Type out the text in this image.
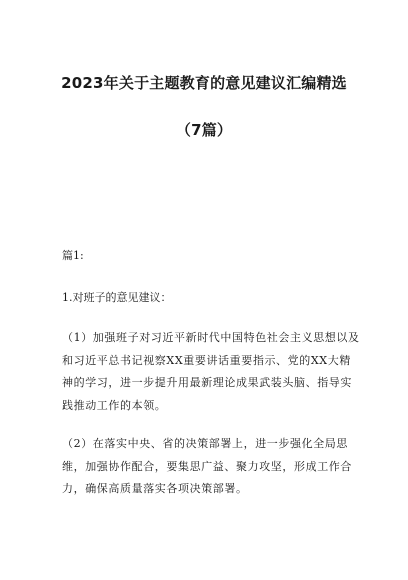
2023年关于主题教育的意见建议汇编精选
（7篇）
篇1:
1.对班子的意见建议：

（1）加强班子对习近平新时代中国特色社会主义思想以及和习近平总书记视察XX重要讲话重要指示、党的XX大精神的学习，进一步提升用最新理论成果武装头脑、指导实践推动工作的本领。

（2）在落实中央、省的决策部署上，进一步强化全局思维，加强协作配合，要集思广益、聚力攻坚，形成工作合力，确保高质量落实各项决策部署。
